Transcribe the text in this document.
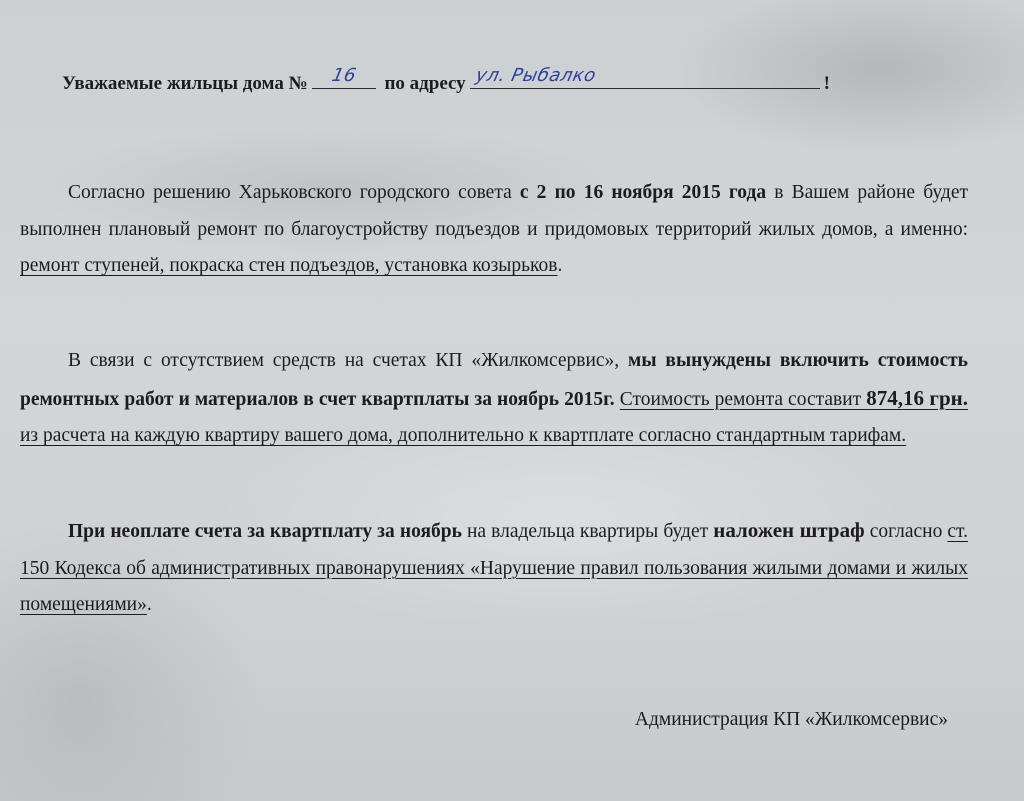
Уважаемые жильцы дома №	16	по адресу ул. Рыбалко	!
Согласно решению Харьковского городского совета с 2 по 16 ноября 2015 года в Вашем районе будет выполнен плановый ремонт по благоустройству подъездов и придомовых территорий жилых домов, а именно: ремонт ступеней, покраска стен подъездов, установка козырьков.
В связи с отсутствием средств на счетах КП «Жилкомсервис», мы вынуждены включить стоимость ремонтных работ и материалов в счет квартплаты за ноябрь 2015г. Стоимость ремонта составит 874,16 грн. из расчета на каждую квартиру вашего дома, дополнительно к квартплате согласно стандартным тарифам.
При неоплате счета за квартплату за ноябрь на владельца квартиры будет наложен штраф согласно ст. 150 Кодекса об административных правонарушениях «Нарушение правил пользования жилыми домами и жилых помещениями».
Администрация КП «Жилкомсервис»
